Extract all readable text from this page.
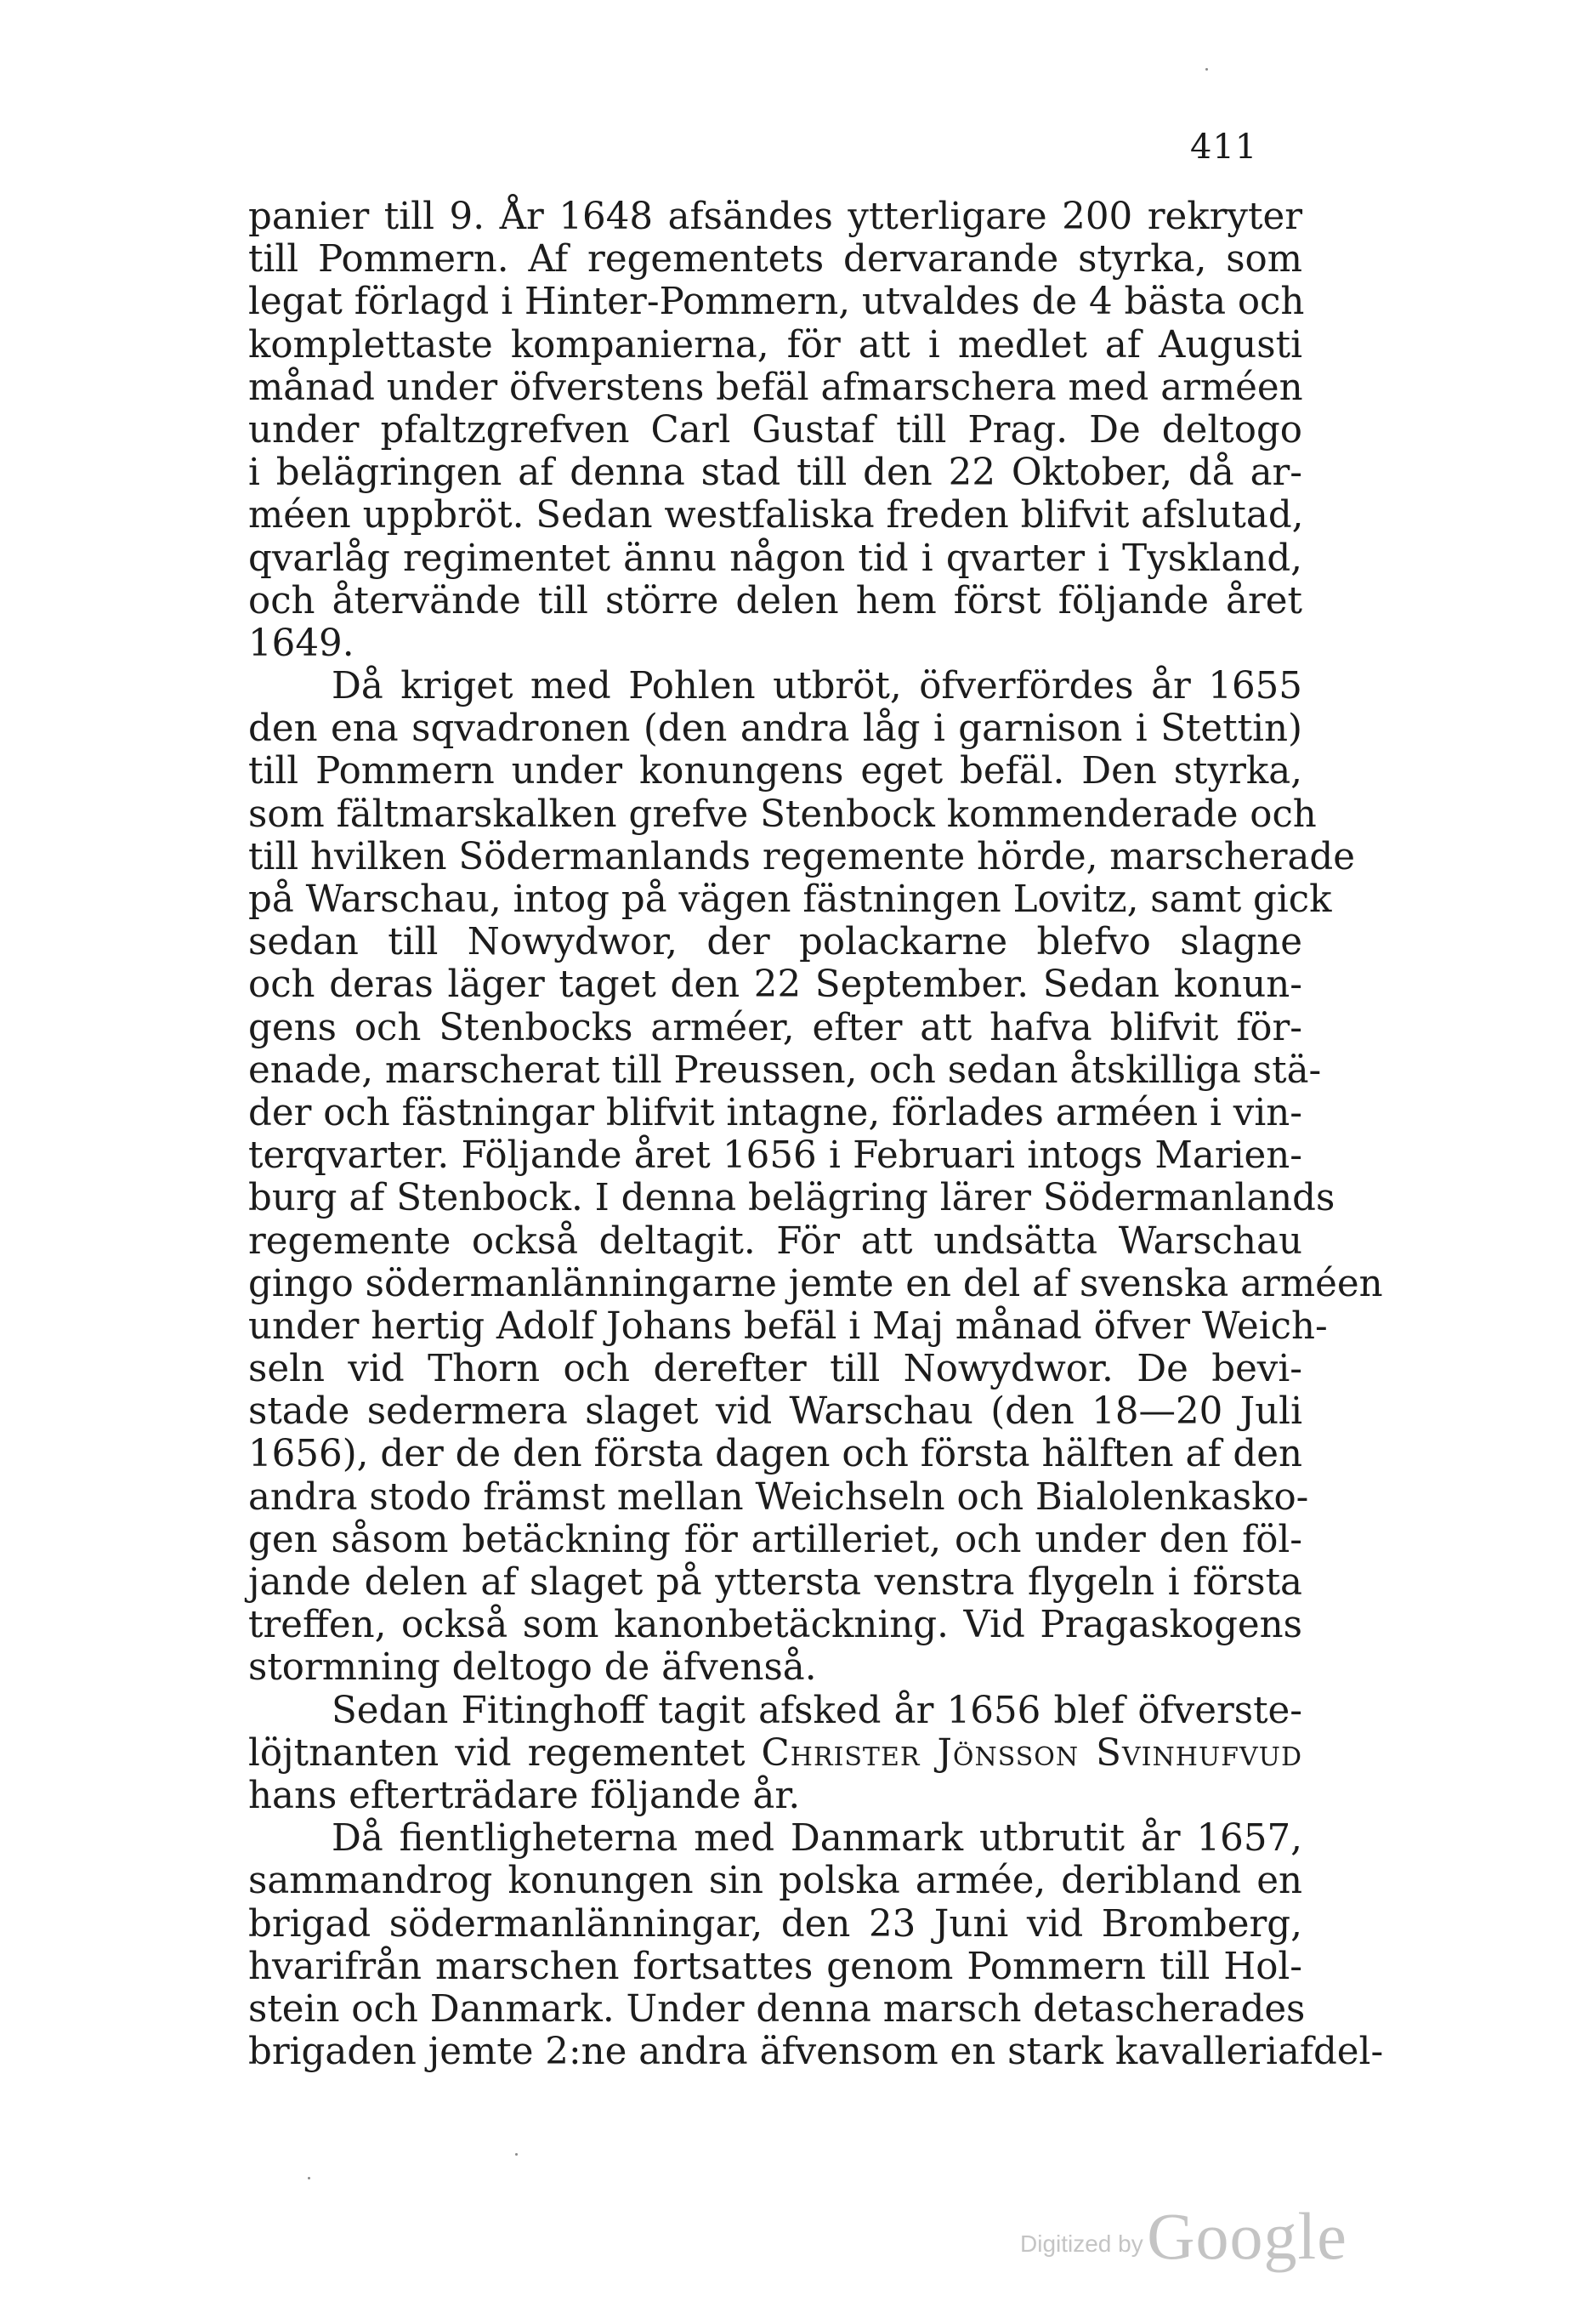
411
panier till 9. År 1648 afsändes ytterligare 200 rekryter
till Pommern. Af regementets dervarande styrka, som
legat förlagd i Hinter-Pommern, utvaldes de 4 bästa och
komplettaste kompanierna, för att i medlet af Augusti
månad under öfverstens befäl afmarschera med arméen
under pfaltzgrefven Carl Gustaf till Prag. De deltogo
i belägringen af denna stad till den 22 Oktober, då ar-
méen uppbröt. Sedan westfaliska freden blifvit afslutad,
qvarlåg regimentet ännu någon tid i qvarter i Tyskland,
och återvände till större delen hem först följande året
1649.
Då kriget med Pohlen utbröt, öfverfördes år 1655
den ena sqvadronen (den andra låg i garnison i Stettin)
till Pommern under konungens eget befäl. Den styrka,
som fältmarskalken grefve Stenbock kommenderade och
till hvilken Södermanlands regemente hörde, marscherade
på Warschau, intog på vägen fästningen Lovitz, samt gick
sedan till Nowydwor, der polackarne blefvo slagne
och deras läger taget den 22 September. Sedan konun-
gens och Stenbocks arméer, efter att hafva blifvit för-
enade, marscherat till Preussen, och sedan åtskilliga stä-
der och fästningar blifvit intagne, förlades arméen i vin-
terqvarter. Följande året 1656 i Februari intogs Marien-
burg af Stenbock. I denna belägring lärer Södermanlands
regemente också deltagit. För att undsätta Warschau
gingo södermanlänningarne jemte en del af svenska arméen
under hertig Adolf Johans befäl i Maj månad öfver Weich-
seln vid Thorn och derefter till Nowydwor. De bevi-
stade sedermera slaget vid Warschau (den 18—20 Juli
1656), der de den första dagen och första hälften af den
andra stodo främst mellan Weichseln och Bialolenkasko-
gen såsom betäckning för artilleriet, och under den föl-
jande delen af slaget på yttersta venstra flygeln i första
treffen, också som kanonbetäckning. Vid Pragaskogens
stormning deltogo de äfvenså.
Sedan Fitinghoff tagit afsked år 1656 blef öfverste-
löjtnanten vid regementet Christer Jönsson Svinhufvud
hans efterträdare följande år.
Då fientligheterna med Danmark utbrutit år 1657,
sammandrog konungen sin polska armée, deribland en
brigad södermanlänningar, den 23 Juni vid Bromberg,
hvarifrån marschen fortsattes genom Pommern till Hol-
stein och Danmark. Under denna marsch detascherades
brigaden jemte 2:ne andra äfvensom en stark kavalleriafdel-
Digitized by Google
